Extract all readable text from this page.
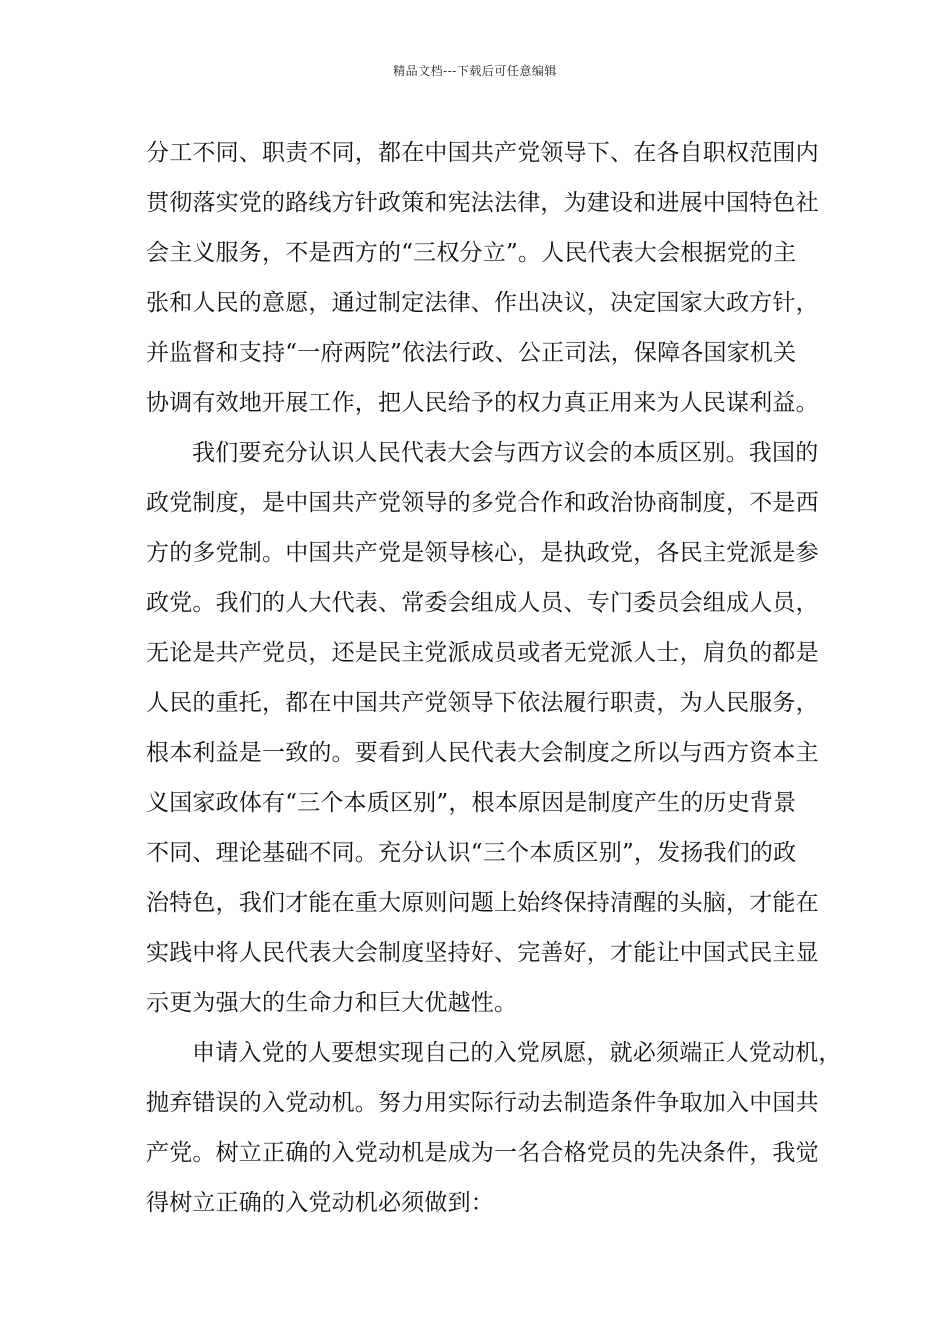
精品文档---下载后可任意编辑
分工不同、职责不同，都在中国共产党领导下、在各自职权范围内
贯彻落实党的路线方针政策和宪法法律，为建设和进展中国特色社
会主义服务，不是西方的“三权分立”。人民代表大会根据党的主
张和人民的意愿，通过制定法律、作出决议，决定国家大政方针，
并监督和支持“一府两院”依法行政、公正司法，保障各国家机关
协调有效地开展工作，把人民给予的权力真正用来为人民谋利益。
我们要充分认识人民代表大会与西方议会的本质区别。我国的
政党制度，是中国共产党领导的多党合作和政治协商制度，不是西
方的多党制。中国共产党是领导核心，是执政党，各民主党派是参
政党。我们的人大代表、常委会组成人员、专门委员会组成人员，
无论是共产党员，还是民主党派成员或者无党派人士，肩负的都是
人民的重托，都在中国共产党领导下依法履行职责，为人民服务，
根本利益是一致的。要看到人民代表大会制度之所以与西方资本主
义国家政体有“三个本质区别”，根本原因是制度产生的历史背景
不同、理论基础不同。充分认识“三个本质区别”，发扬我们的政
治特色，我们才能在重大原则问题上始终保持清醒的头脑，才能在
实践中将人民代表大会制度坚持好、完善好，才能让中国式民主显
示更为强大的生命力和巨大优越性。
申请入党的人要想实现自己的入党夙愿，就必须端正人党动机，
抛弃错误的入党动机。努力用实际行动去制造条件争取加入中国共
产党。树立正确的入党动机是成为一名合格党员的先决条件，我觉
得树立正确的入党动机必须做到：
